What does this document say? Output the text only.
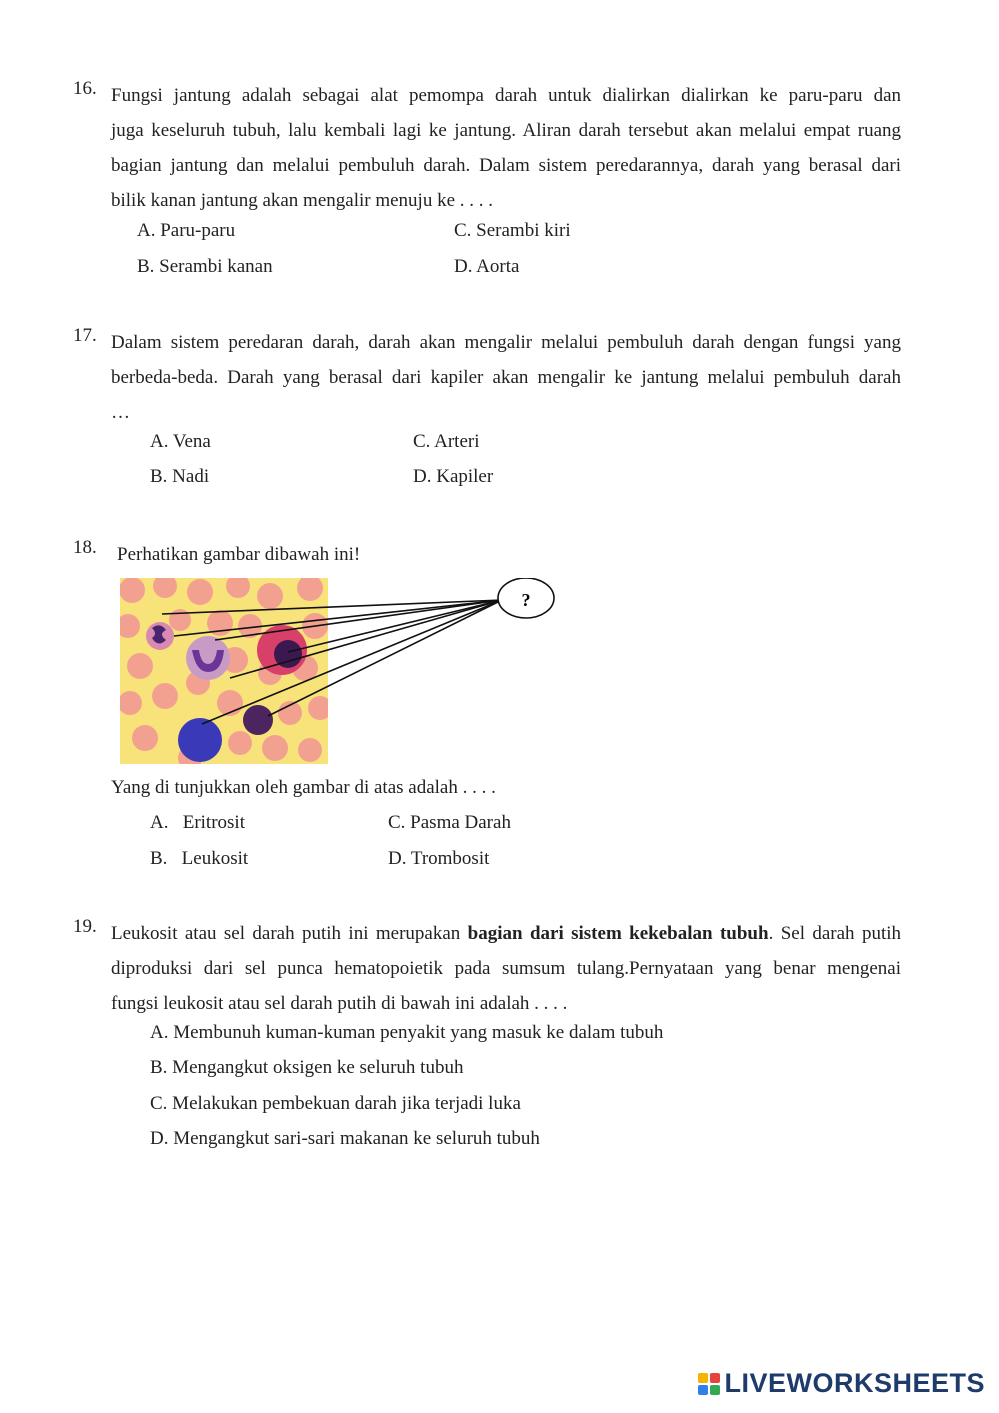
16. Fungsi jantung adalah sebagai alat pemompa darah untuk dialirkan dialirkan ke paru-paru dan
juga keseluruh tubuh, lalu kembali lagi ke jantung. Aliran darah tersebut akan melalui empat ruang
bagian jantung dan melalui pembuluh darah. Dalam sistem peredarannya, darah yang berasal dari
bilik kanan jantung akan mengalir menuju ke . . . .
A. Paru-paru	C. Serambi kiri
B. Serambi kanan	D. Aorta
17. Dalam sistem peredaran darah, darah akan mengalir melalui pembuluh darah dengan fungsi yang
berbeda-beda. Darah yang berasal dari kapiler akan mengalir ke jantung melalui pembuluh darah
…
A. Vena	C. Arteri
B. Nadi	D. Kapiler
18. Perhatikan gambar dibawah ini!
?
Yang di tunjukkan oleh gambar di atas adalah . . . .
A.   Eritrosit	C. Pasma Darah
B.   Leukosit	D. Trombosit
19. Leukosit atau sel darah putih ini merupakan bagian dari sistem kekebalan tubuh. Sel darah putih
diproduksi dari sel punca hematopoietik pada sumsum tulang.Pernyataan yang benar mengenai
fungsi leukosit atau sel darah putih di bawah ini adalah . . . .
A. Membunuh kuman-kuman penyakit yang masuk ke dalam tubuh
B. Mengangkut oksigen ke seluruh tubuh
C. Melakukan pembekuan darah jika terjadi luka
D. Mengangkut sari-sari makanan ke seluruh tubuh
LIVEWORKSHEETS
